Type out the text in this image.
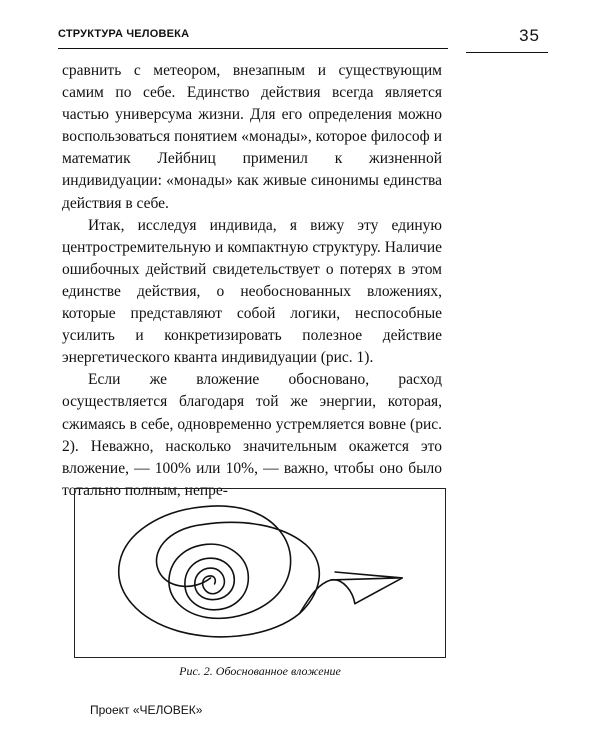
СТРУКТУРА ЧЕЛОВЕКА	35

сравнить с метеором, внезапным и существующим самим по себе. Единство действия всегда является частью универсума жизни. Для его определения можно воспользоваться понятием «монады», которое философ и математик Лейбниц применил к жизненной индивидуации: «монады» как живые синонимы единства действия в себе.

Итак, исследуя индивида, я вижу эту единую центростремительную и компактную структуру. Наличие ошибочных действий свидетельствует о потерях в этом единстве действия, о необоснованных вложениях, которые представляют собой логики, неспособные усилить и конкретизировать полезное действие энергетического кванта индивидуации (рис. 1).

Если же вложение обосновано, расход осуществляется благодаря той же энергии, которая, сжимаясь в себе, одновременно устремляется вовне (рис. 2). Неважно, насколько значительным окажется это вложение, — 100% или 10%, — важно, чтобы оно было тотально полным, непре-

Рис. 2. Обоснованное вложение
Проект «ЧЕЛОВЕК»
